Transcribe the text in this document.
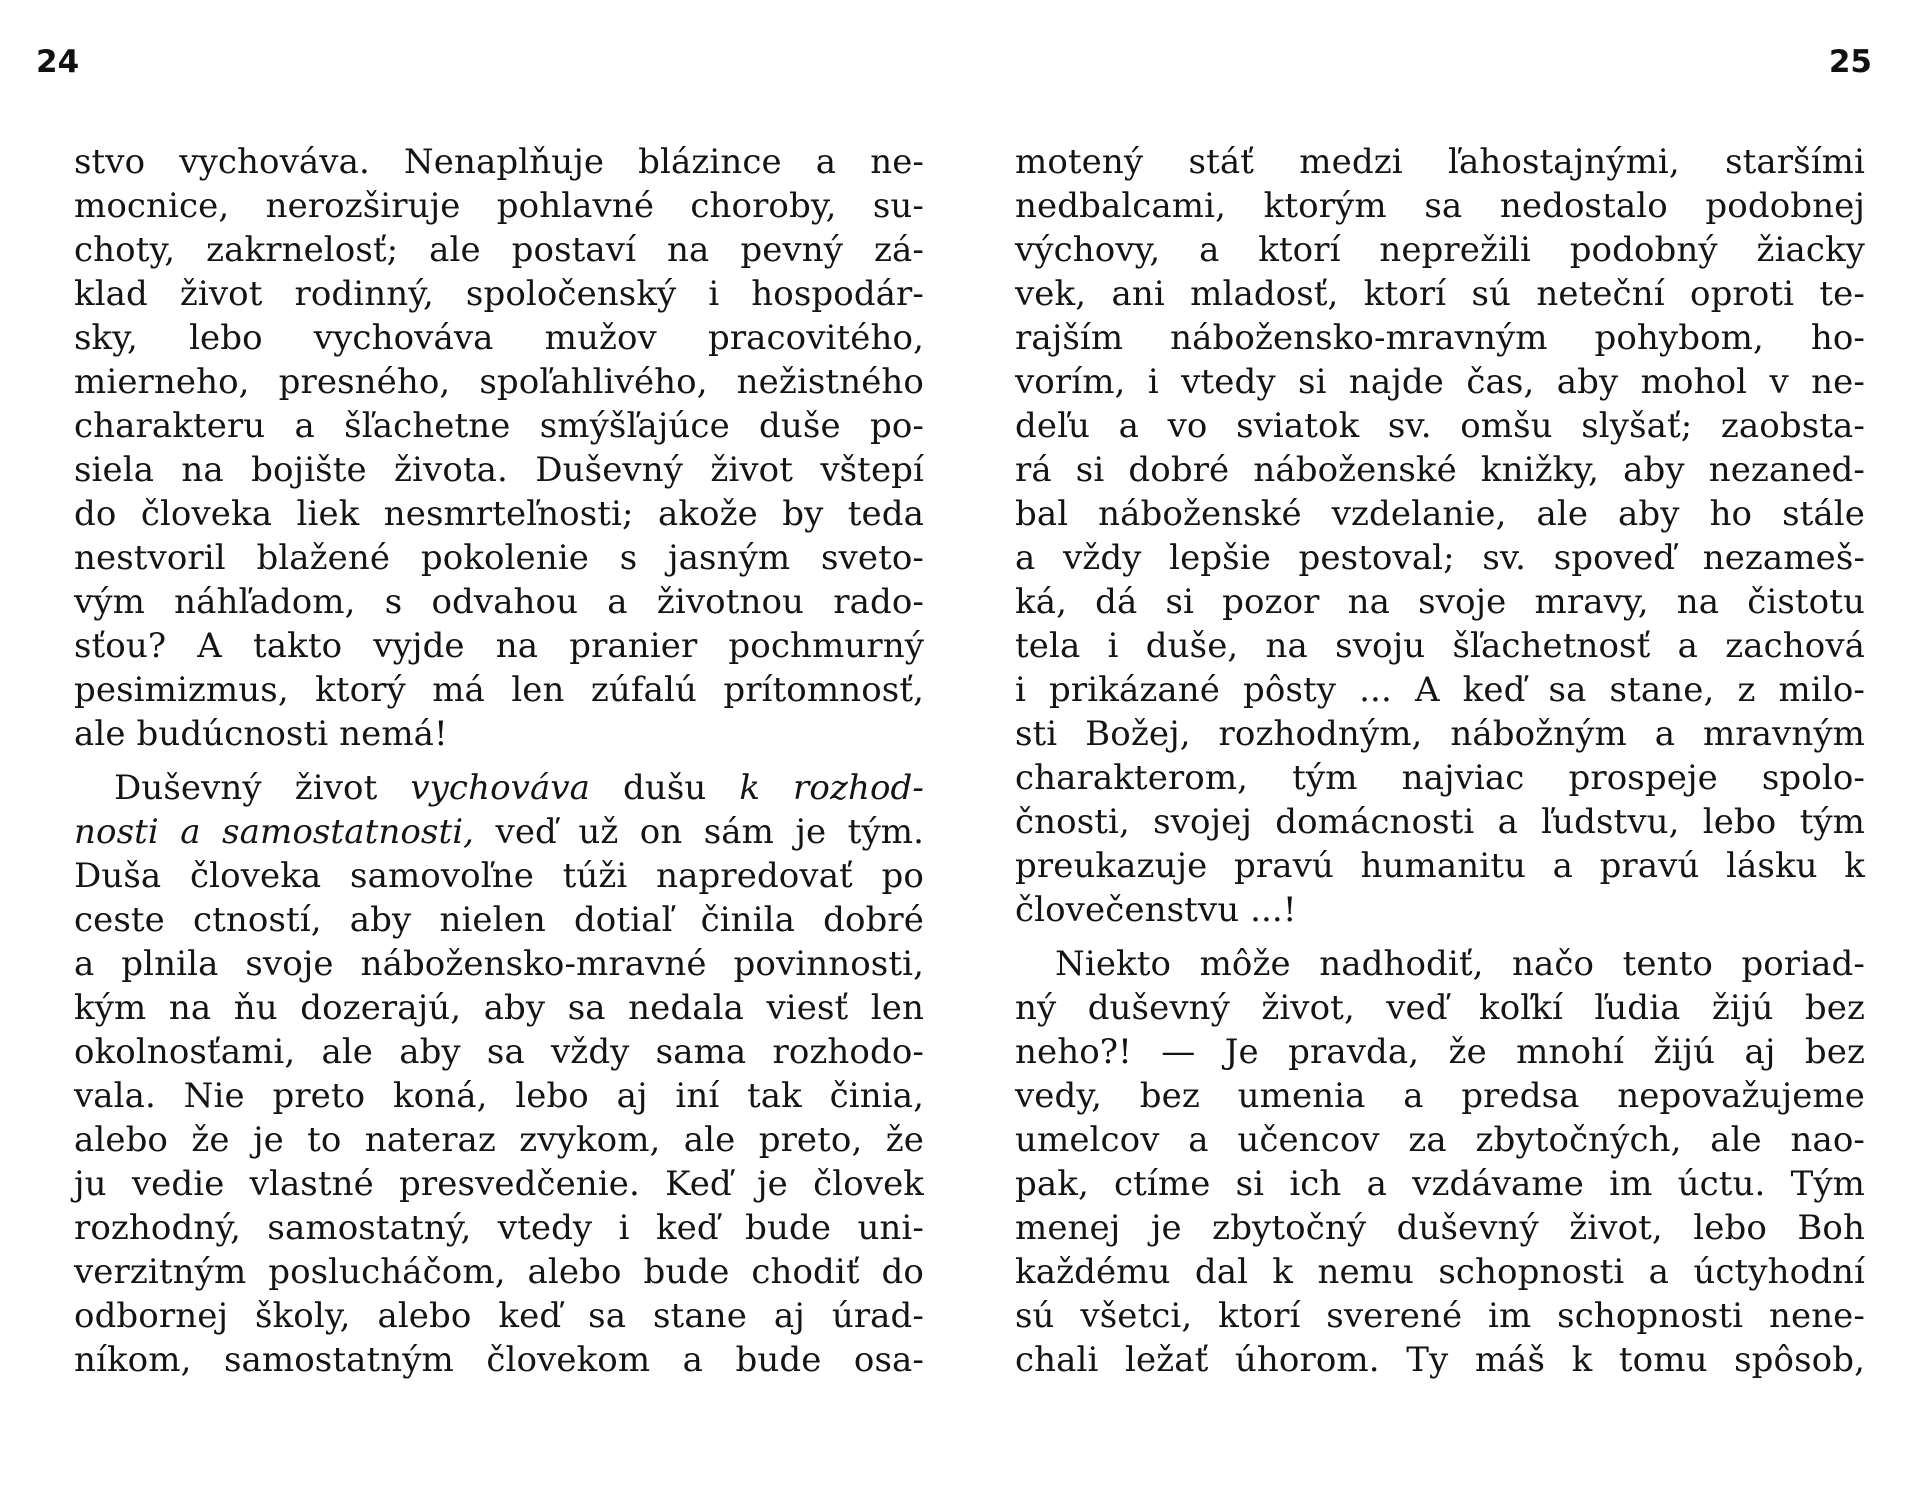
24
stvo vychováva. Nenaplňuje blázince a ne-
mocnice, nerozširuje pohlavné choroby, su-
choty, zakrnelosť; ale postaví na pevný zá-
klad život rodinný, spoločenský i hospodár-
sky, lebo vychováva mužov pracovitého,
mierneho, presného, spoľahlivého, nežistného
charakteru a šľachetne smýšľajúce duše po-
siela na bojište života. Duševný život vštepí
do človeka liek nesmrteľnosti; akože by teda
nestvoril blažené pokolenie s jasným sveto-
vým náhľadom, s odvahou a životnou rado-
sťou? A takto vyjde na pranier pochmurný
pesimizmus, ktorý má len zúfalú prítomnosť,
ale budúcnosti nemá!
Duševný život vychováva dušu k rozhod-
nosti a samostatnosti, veď už on sám je tým.
Duša človeka samovoľne túži napredovať po
ceste ctností, aby nielen dotiaľ činila dobré
a plnila svoje nábožensko-mravné povinnosti,
kým na ňu dozerajú, aby sa nedala viesť len
okolnosťami, ale aby sa vždy sama rozhodo-
vala. Nie preto koná, lebo aj iní tak činia,
alebo že je to nateraz zvykom, ale preto, že
ju vedie vlastné presvedčenie. Keď je človek
rozhodný, samostatný, vtedy i keď bude uni-
verzitným poslucháčom, alebo bude chodiť do
odbornej školy, alebo keď sa stane aj úrad-
níkom, samostatným človekom a bude osa-
25
motený stáť medzi ľahostajnými, staršími
nedbalcami, ktorým sa nedostalo podobnej
výchovy, a ktorí neprežili podobný žiacky
vek, ani mladosť, ktorí sú neteční oproti te-
rajším nábožensko-mravným pohybom, ho-
vorím, i vtedy si najde čas, aby mohol v ne-
deľu a vo sviatok sv. omšu slyšať; zaobsta-
rá si dobré náboženské knižky, aby nezaned-
bal náboženské vzdelanie, ale aby ho stále
a vždy lepšie pestoval; sv. spoveď nezameš-
ká, dá si pozor na svoje mravy, na čistotu
tela i duše, na svoju šľachetnosť a zachová
i prikázané pôsty ... A keď sa stane, z milo-
sti Božej, rozhodným, nábožným a mravným
charakterom, tým najviac prospeje spolo-
čnosti, svojej domácnosti a ľudstvu, lebo tým
preukazuje pravú humanitu a pravú lásku k
človečenstvu ...!
Niekto môže nadhodiť, načo tento poriad-
ný duševný život, veď koľkí ľudia žijú bez
neho?! — Je pravda, že mnohí žijú aj bez
vedy, bez umenia a predsa nepovažujeme
umelcov a učencov za zbytočných, ale nao-
pak, ctíme si ich a vzdávame im úctu. Tým
menej je zbytočný duševný život, lebo Boh
každému dal k nemu schopnosti a úctyhodní
sú všetci, ktorí sverené im schopnosti nene-
chali ležať úhorom. Ty máš k tomu spôsob,
